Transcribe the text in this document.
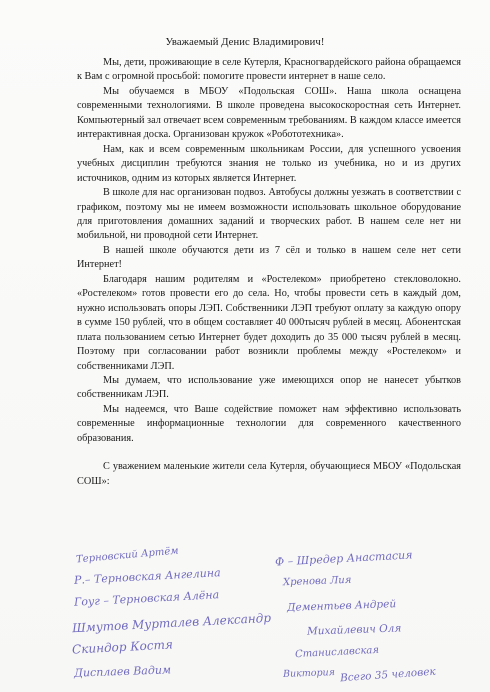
Уважаемый Денис Владимирович!

Мы, дети, проживающие в селе Кутерля, Красногвардейского района обращаемся к Вам с огромной просьбой: помогите провести интернет в наше село.

Мы обучаемся в МБОУ «Подольская СОШ». Наша школа оснащена современными технологиями. В школе проведена высокоскоростная сеть Интернет. Компьютерный зал отвечает всем современным требованиям. В каждом классе имеется интерактивная доска. Организован кружок «Робототехника».

Нам, как и всем современным школьникам России, для успешного усвоения учебных дисциплин требуются знания не только из учебника, но и из других источников, одним из которых является Интернет.

В школе для нас организован подвоз. Автобусы должны уезжать в соответствии с графиком, поэтому мы не имеем возможности использовать школьное оборудование для приготовления домашних заданий и творческих работ. В нашем селе нет ни мобильной, ни проводной сети Интернет.

В нашей школе обучаются дети из 7 сёл и только в нашем селе нет сети Интернет!

Благодаря нашим родителям и «Ростелеком» приобретено стекловолокно. «Ростелеком» готов провести его до села. Но, чтобы провести сеть в каждый дом, нужно использовать опоры ЛЭП. Собственники ЛЭП требуют оплату за каждую опору в сумме 150 рублей, что в общем составляет 40 000тысяч рублей в месяц. Абонентская плата пользованием сетью Интернет будет доходить до 35 000 тысяч рублей в месяц. Поэтому при согласовании работ возникли проблемы между «Ростелеком» и собственниками ЛЭП.

Мы думаем, что использование уже имеющихся опор не нанесет убытков собственникам ЛЭП.

Мы надеемся, что Ваше содействие поможет нам эффективно использовать современные информационные технологии для современного качественного образования.

С уважением маленькие жители села Кутерля, обучающиеся МБОУ «Подольская СОШ»:

Терновский Артём
Р.– Терновская Ангелина
Гоуг – Терновская Алёна
Шмутов Мурталев Александр
Скиндор Костя
Дисплаев Вадим
Ф – Шредер Анастасия
Хренова Лия
Дементьев Андрей
Михайлевич Оля
Станиславская
Виктория Всего 35 человек
